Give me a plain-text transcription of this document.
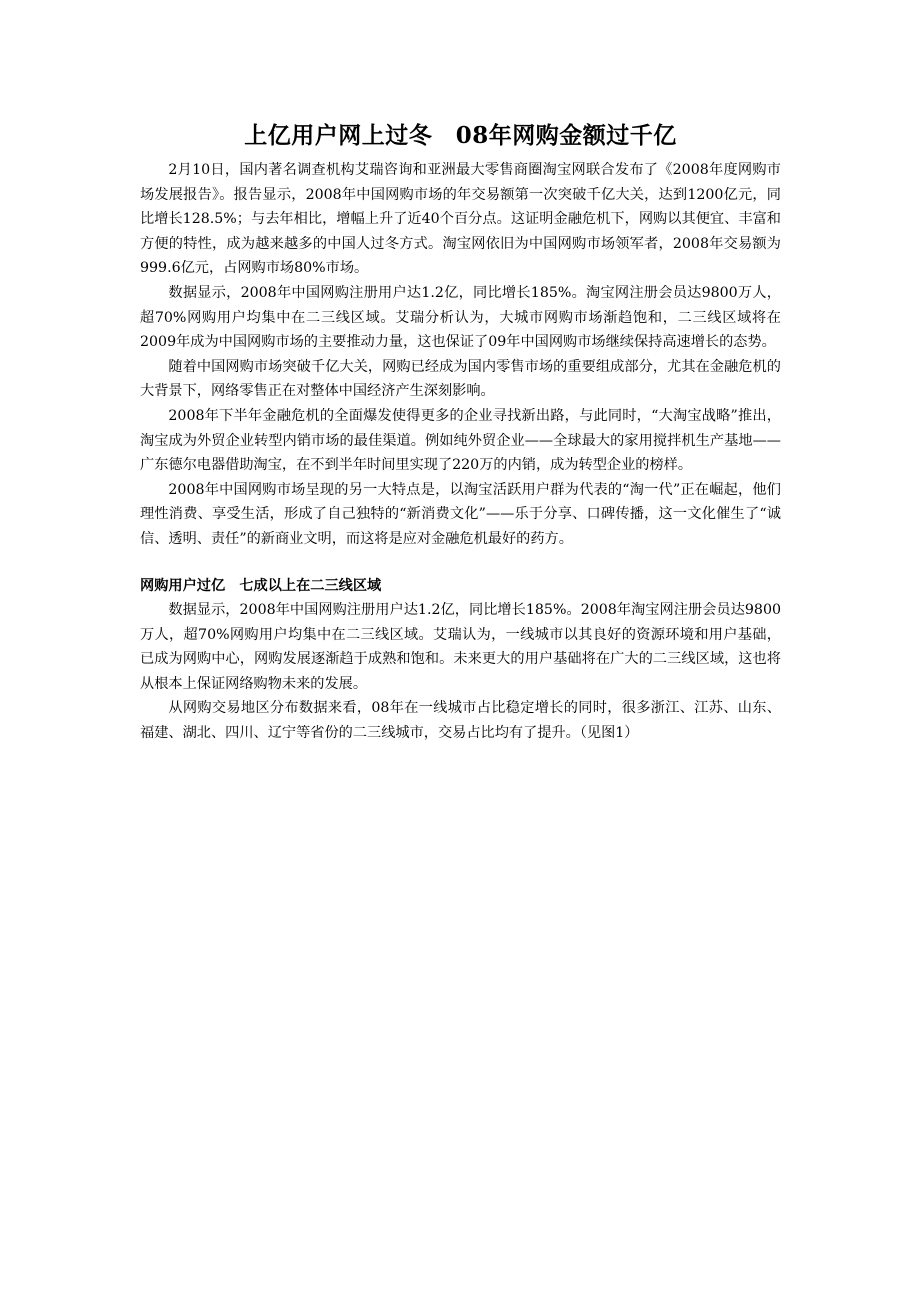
上亿用户网上过冬　08年网购金额过千亿

2月10日，国内著名调查机构艾瑞咨询和亚洲最大零售商圈淘宝网联合发布了《2008年度网购市场发展报告》。报告显示，2008年中国网购市场的年交易额第一次突破千亿大关，达到1200亿元，同比增长128.5%；与去年相比，增幅上升了近40个百分点。这证明金融危机下，网购以其便宜、丰富和方便的特性，成为越来越多的中国人过冬方式。淘宝网依旧为中国网购市场领军者，2008年交易额为999.6亿元，占网购市场80%市场。

数据显示，2008年中国网购注册用户达1.2亿，同比增长185%。淘宝网注册会员达9800万人，超70%网购用户均集中在二三线区域。艾瑞分析认为，大城市网购市场渐趋饱和，二三线区域将在2009年成为中国网购市场的主要推动力量，这也保证了09年中国网购市场继续保持高速增长的态势。

随着中国网购市场突破千亿大关，网购已经成为国内零售市场的重要组成部分，尤其在金融危机的大背景下，网络零售正在对整体中国经济产生深刻影响。

2008年下半年金融危机的全面爆发使得更多的企业寻找新出路，与此同时，“大淘宝战略”推出，淘宝成为外贸企业转型内销市场的最佳渠道。例如纯外贸企业——全球最大的家用搅拌机生产基地——广东德尔电器借助淘宝，在不到半年时间里实现了220万的内销，成为转型企业的榜样。

2008年中国网购市场呈现的另一大特点是，以淘宝活跃用户群为代表的“淘一代”正在崛起，他们理性消费、享受生活，形成了自己独特的“新消费文化”——乐于分享、口碑传播，这一文化催生了“诚信、透明、责任”的新商业文明，而这将是应对金融危机最好的药方。

网购用户过亿　七成以上在二三线区域

数据显示，2008年中国网购注册用户达1.2亿，同比增长185%。2008年淘宝网注册会员达9800万人，超70%网购用户均集中在二三线区域。艾瑞认为，一线城市以其良好的资源环境和用户基础，已成为网购中心，网购发展逐渐趋于成熟和饱和。未来更大的用户基础将在广大的二三线区域，这也将从根本上保证网络购物未来的发展。

从网购交易地区分布数据来看，08年在一线城市占比稳定增长的同时，很多浙江、江苏、山东、福建、湖北、四川、辽宁等省份的二三线城市，交易占比均有了提升。（见图1）
